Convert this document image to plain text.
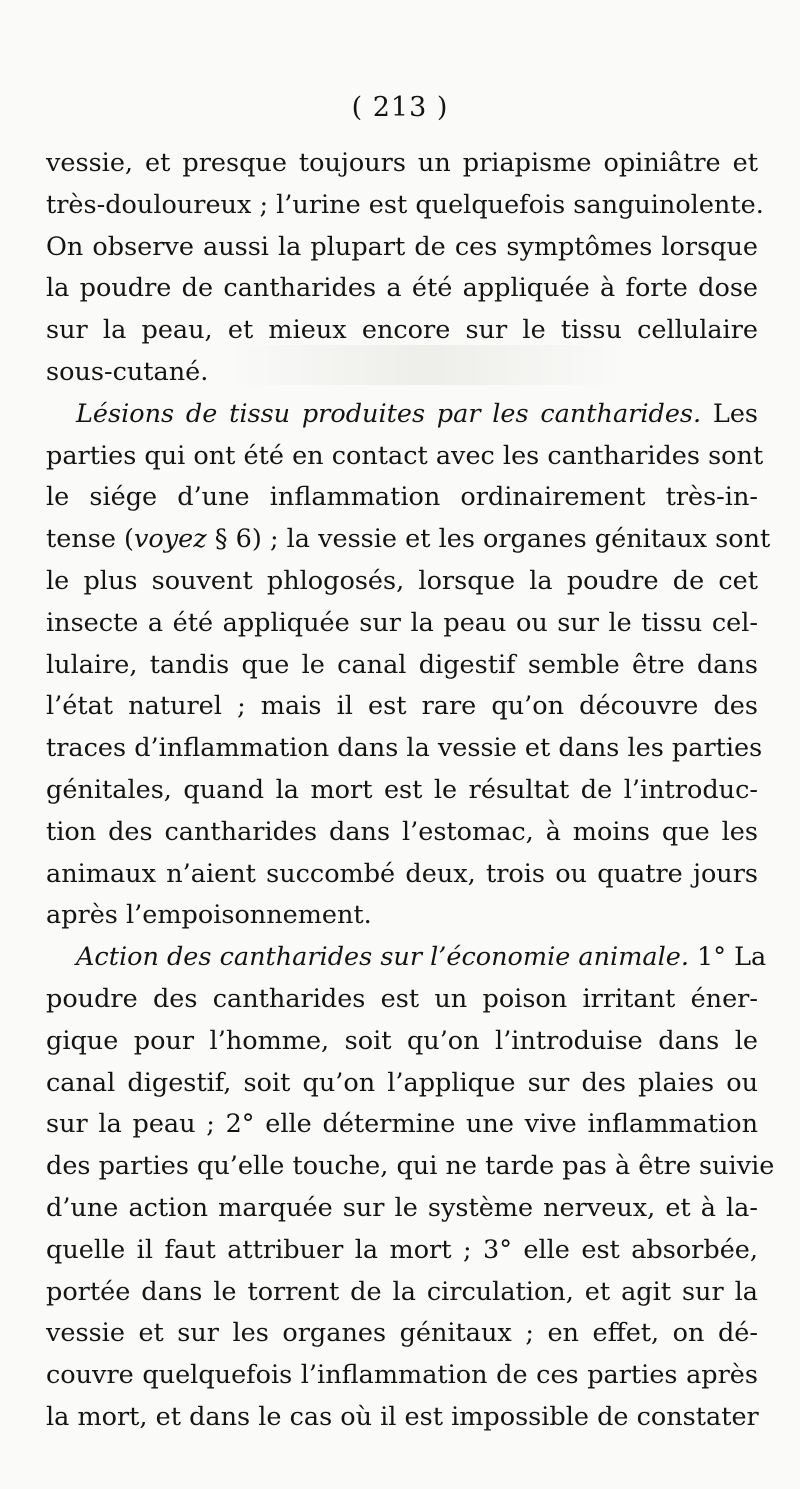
( 213 )
vessie, et presque toujours un priapisme opiniâtre et
très-douloureux ; l’urine est quelquefois sanguinolente.
On observe aussi la plupart de ces symptômes lorsque
la poudre de cantharides a été appliquée à forte dose
sur la peau, et mieux encore sur le tissu cellulaire
sous-cutané.
Lésions de tissu produites par les cantharides. Les
parties qui ont été en contact avec les cantharides sont
le siége d’une inflammation ordinairement très-in-
tense (voyez § 6) ; la vessie et les organes génitaux sont
le plus souvent phlogosés, lorsque la poudre de cet
insecte a été appliquée sur la peau ou sur le tissu cel-
lulaire, tandis que le canal digestif semble être dans
l’état naturel ; mais il est rare qu’on découvre des
traces d’inflammation dans la vessie et dans les parties
génitales, quand la mort est le résultat de l’introduc-
tion des cantharides dans l’estomac, à moins que les
animaux n’aient succombé deux, trois ou quatre jours
après l’empoisonnement.
Action des cantharides sur l’économie animale. 1° La
poudre des cantharides est un poison irritant éner-
gique pour l’homme, soit qu’on l’introduise dans le
canal digestif, soit qu’on l’applique sur des plaies ou
sur la peau ; 2° elle détermine une vive inflammation
des parties qu’elle touche, qui ne tarde pas à être suivie
d’une action marquée sur le système nerveux, et à la-
quelle il faut attribuer la mort ; 3° elle est absorbée,
portée dans le torrent de la circulation, et agit sur la
vessie et sur les organes génitaux ; en effet, on dé-
couvre quelquefois l’inflammation de ces parties après
la mort, et dans le cas où il est impossible de constater
